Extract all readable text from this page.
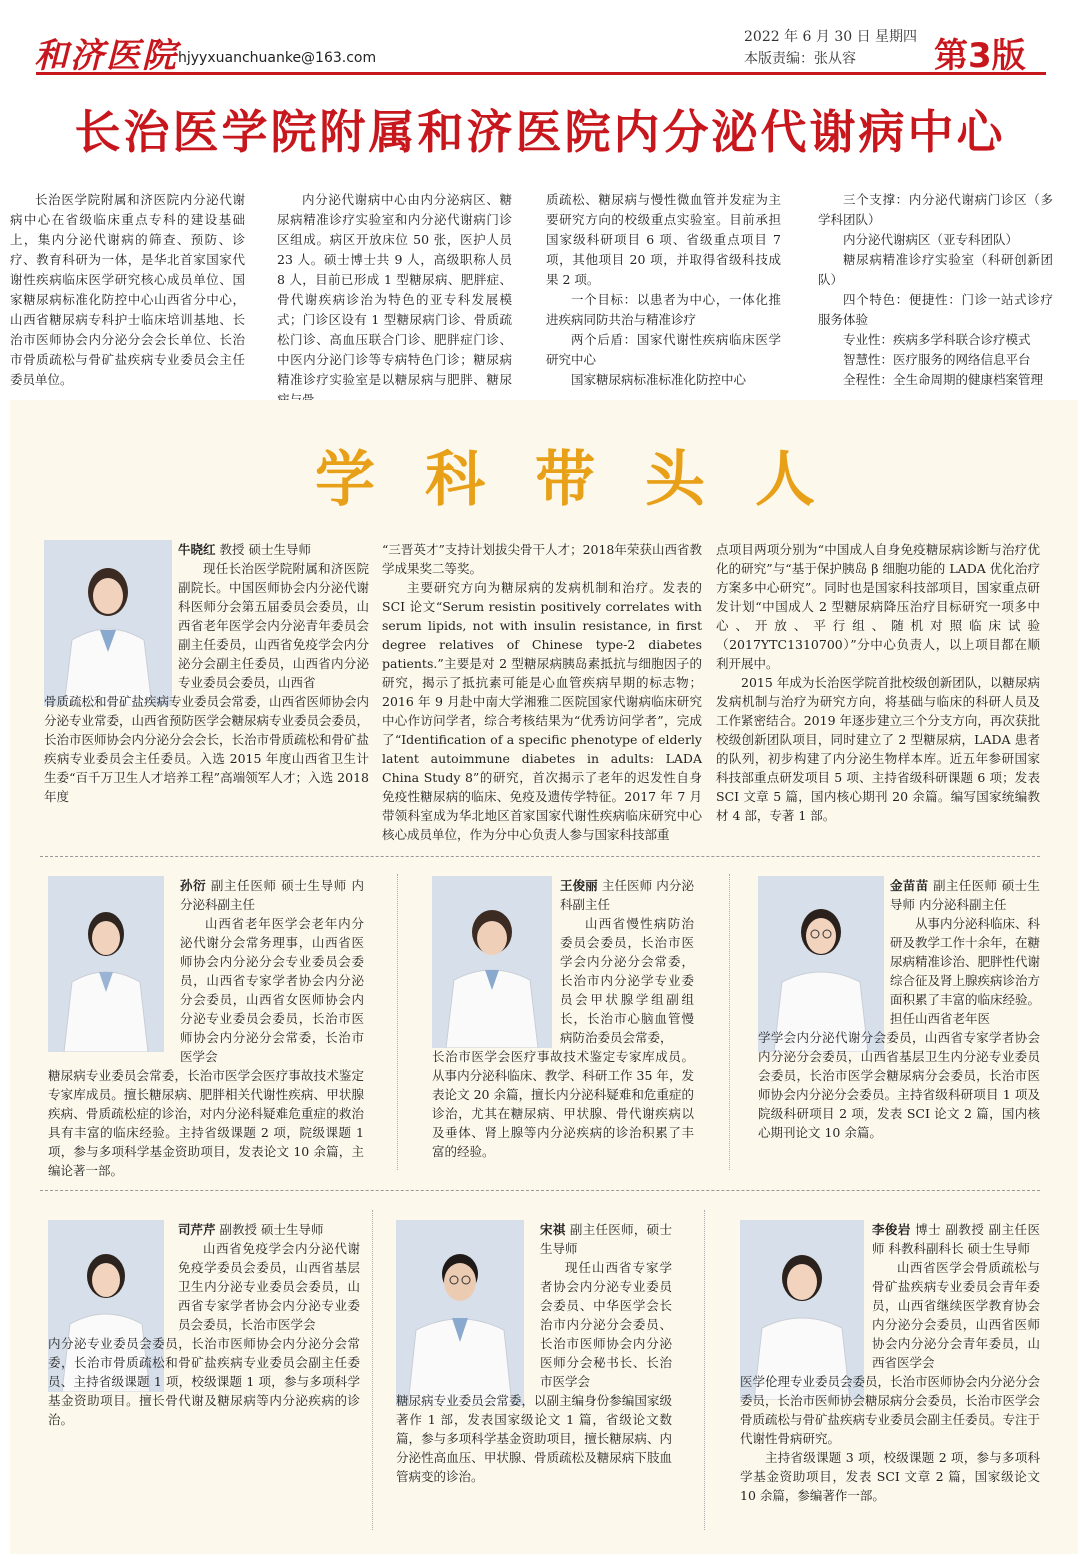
和济医院 hjyyxuanchuanke@163.com
2022 年 6 月 30 日 星期四
本版责编：张从容 第3版
长治医学院附属和济医院内分泌代谢病中心

长治医学院附属和济医院内分泌代谢病中心在省级临床重点专科的建设基础上，集内分泌代谢病的筛查、预防、诊疗、教育科研为一体，是华北首家国家代谢性疾病临床医学研究核心成员单位、国家糖尿病标准化防控中心山西省分中心，山西省糖尿病专科护士临床培训基地、长治市医师协会内分泌分会会长单位、长治市骨质疏松与骨矿盐疾病专业委员会主任委员单位。

内分泌代谢病中心由内分泌病区、糖尿病精准诊疗实验室和内分泌代谢病门诊区组成。病区开放床位 50 张，医护人员 23 人。硕士博士共 9 人，高级职称人员 8 人，目前已形成 1 型糖尿病、肥胖症、骨代谢疾病诊治为特色的亚专科发展模式；门诊区设有 1 型糖尿病门诊、骨质疏松门诊、高血压联合门诊、肥胖症门诊、中医内分泌门诊等专病特色门诊；糖尿病精准诊疗实验室是以糖尿病与肥胖、糖尿

质疏松、糖尿病与慢性微血管并发症为主要研究方向的校级重点实验室。目前承担国家级科研项目 6 项、省级重点项目 7 项，其他项目 20 项，并取得省级科技成果 2 项。

一个目标：以患者为中心，一体化推进疾病同防共治与精准诊疗

两个后盾：国家代谢性疾病临床医学研究中心

国家糖尿病标准标准化防控中心

三个支撑：内分泌代谢病门诊区（多学科团队）

内分泌代谢病区（亚专科团队）

糖尿病精准诊疗实验室（科研创新团队）

四个特色：便捷性：门诊一站式诊疗服务体验

专业性：疾病多学科联合诊疗模式

智慧性：医疗服务的网络信息平台

全程性：全生命周期的健康档案管理

学科带头人
牛晓红 教授 硕士生导师

现任长治医学院附属和济医院副院长。中国医师协会内分泌代谢科医师分会第五届委员会委员，山西省老年医学会内分泌青年委员会副主任委员，山西省免疫学会内分泌分会副主任委员，山西省内分泌专业委员会委员，山西省

骨质疏松和骨矿盐疾病专业委员会常委，山西省医师协会内分泌专业常委，山西省预防医学会糖尿病专业委员会委员，长治市医师协会内分泌分会会长，长治市骨质疏松和骨矿盐疾病专业委员会主任委员。入选 2015 年度山西省卫生计生委“百千万卫生人才培养工程”高端领军人才；入选 2018 年度

“三晋英才”支持计划拔尖骨干人才；2018年荣获山西省教学成果奖二等奖。

主要研究方向为糖尿病的发病机制和治疗。发表的 SCI 论文“Serum resistin positively correlates with serum lipids, not with insulin resistance, in first degree relatives of Chinese type-2 diabetes patients.”主要是对 2 型糖尿病胰岛素抵抗与细胞因子的研究，揭示了抵抗素可能是心血管疾病早期的标志物；2016 年 9 月赴中南大学湘雅二医院国家代谢病临床研究中心作访问学者，综合考核结果为“优秀访问学者”，完成了“Identification of a specific phenotype of elderly latent autoimmune diabetes in adults: LADA China Study 8”的研究，首次揭示了老年的迟发性自身免疫性糖尿病的临床、免疫及遗传学特征。2017 年 7 月带领科室成为华北地区首家国家代谢性疾病临床研究中心核心成员单位，作为分中心负责人参与国家科技部重

点项目两项分别为“中国成人自身免疫糖尿病诊断与治疗优化的研究”与“基于保护胰岛 β 细胞功能的 LADA 优化治疗方案多中心研究”。同时也是国家科技部项目，国家重点研发计划“中国成人 2 型糖尿病降压治疗目标研究一项多中心、开放、平行组、随机对照临床试验（2017YTC1310700）”分中心负责人，以上项目都在顺利开展中。

2015 年成为长治医学院首批校级创新团队，以糖尿病发病机制与治疗为研究方向，将基础与临床的科研人员及工作紧密结合。2019 年逐步建立三个分支方向，再次获批校级创新团队项目，同时建立了 2 型糖尿病，LADA 患者的队列，初步构建了内分泌生物样本库。近五年参研国家科技部重点研发项目 5 项、主持省级科研课题 6 项；发表 SCI 文章 5 篇，国内核心期刊 20 余篇。编写国家统编教材 4 部，专著 1 部。

孙衍 副主任医师 硕士生导师 内分泌科副主任

山西省老年医学会老年内分泌代谢分会常务理事，山西省医师协会内分泌分会专业委员会委员，山西省专家学者协会内分泌分会委员，山西省女医师协会内分泌专业委员会委员，长治市医师协会内分泌分会常委，长治市医学会

糖尿病专业委员会常委，长治市医学会医疗事故技术鉴定专家库成员。擅长糖尿病、肥胖相关代谢性疾病、甲状腺疾病、骨质疏松症的诊治，对内分泌科疑难危重症的救治具有丰富的临床经验。主持省级课题 2 项，院级课题 1 项，参与多项科学基金资助项目，发表论文 10 余篇，主编论著一部。

王俊丽 主任医师 内分泌科副主任

山西省慢性病防治委员会委员，长治市医学会内分泌分会常委，长治市内分泌学专业委员会甲状腺学组副组长，长治市心脑血管慢病防治委员会常委，

长治市医学会医疗事故技术鉴定专家库成员。从事内分泌科临床、教学、科研工作 35 年，发表论文 20 余篇，擅长内分泌科疑难和危重症的诊治，尤其在糖尿病、甲状腺、骨代谢疾病以及垂体、肾上腺等内分泌疾病的诊治积累了丰富的经验。

金苗苗 副主任医师 硕士生导师 内分泌科副主任

从事内分泌科临床、科研及教学工作十余年，在糖尿病精准诊治、肥胖性代谢综合征及肾上腺疾病诊治方面积累了丰富的临床经验。担任山西省老年医

学学会内分泌代谢分会委员，山西省专家学者协会内分泌分会委员，山西省基层卫生内分泌专业委员会委员，长治市医学会糖尿病分会委员，长治市医师协会内分泌分会委员。主持省级科研项目 1 项及院级科研项目 2 项，发表 SCI 论文 2 篇，国内核心期刊论文 10 余篇。

司芹芹 副教授 硕士生导师

山西省免疫学会内分泌代谢免疫学委员会委员，山西省基层卫生内分泌专业委员会委员，山西省专家学者协会内分泌专业委员会委员，长治市医学会

内分泌专业委员会委员，长治市医师协会内分泌分会常委，长治市骨质疏松和骨矿盐疾病专业委员会副主任委员、主持省级课题 1 项，校级课题 1 项，参与多项科学基金资助项目。擅长骨代谢及糖尿病等内分泌疾病的诊治。

宋祺 副主任医师，硕士生导师

现任山西省专家学者协会内分泌专业委员会委员、中华医学会长治市内分泌分会委员、长治市医师协会内分泌医师分会秘书长、长治市医学会

糖尿病专业委员会常委，以副主编身份参编国家级著作 1 部，发表国家级论文 1 篇，省级论文数篇，参与多项科学基金资助项目，擅长糖尿病、内分泌性高血压、甲状腺、骨质疏松及糖尿病下肢血管病变的诊治。

李俊岩 博士 副教授 副主任医师 科教科副科长 硕士生导师

山西省医学会骨质疏松与骨矿盐疾病专业委员会青年委员，山西省继续医学教育协会内分泌分会委员，山西省医师协会内分泌分会青年委员，山西省医学会

医学伦理专业委员会委员，长治市医师协会内分泌分会委员，长治市医师协会糖尿病分会委员，长治市医学会骨质疏松与骨矿盐疾病专业委员会副主任委员。专注于代谢性骨病研究。

主持省级课题 3 项，校级课题 2 项，参与多项科学基金资助项目，发表 SCI 文章 2 篇，国家级论文 10 余篇，参编著作一部。
